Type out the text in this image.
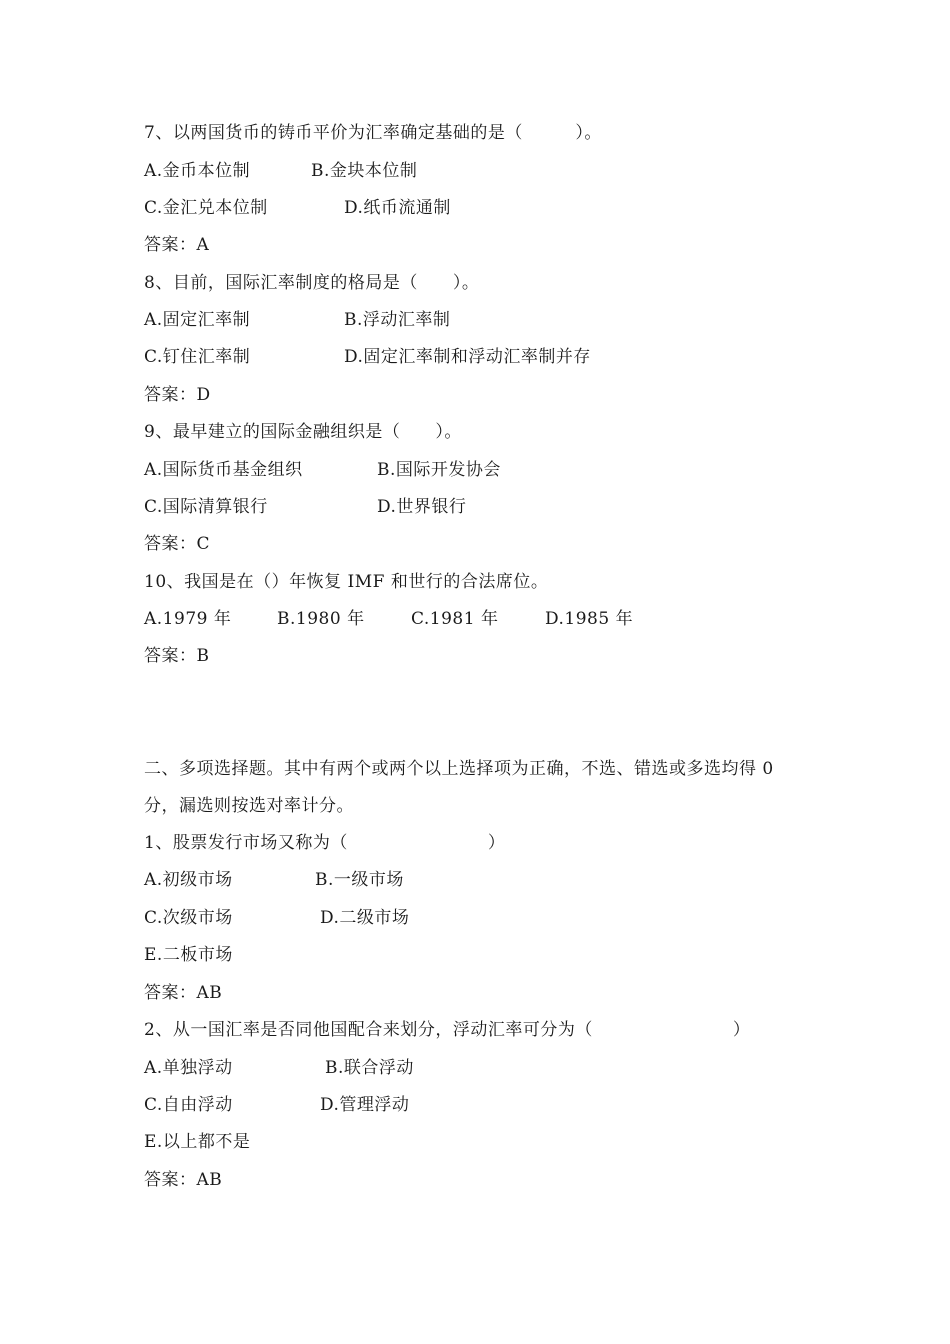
7、以两国货币的铸币平价为汇率确定基础的是（　　　）。
A.金币本位制	B.金块本位制
C.金汇兑本位制	D.纸币流通制
答案：A
8、目前，国际汇率制度的格局是（　　）。
A.固定汇率制	B.浮动汇率制
C.钉住汇率制	D.固定汇率制和浮动汇率制并存
答案：D
9、最早建立的国际金融组织是（　　）。
A.国际货币基金组织	B.国际开发协会
C.国际清算银行	D.世界银行
答案：C
10、我国是在（）年恢复 IMF 和世行的合法席位。
A.1979 年	B.1980 年	C.1981 年	D.1985 年
答案：B
二、多项选择题。其中有两个或两个以上选择项为正确，不选、错选或多选均得 0
分，漏选则按选对率计分。
1、股票发行市场又称为（　　　　　　　　）
A.初级市场	B.一级市场
C.次级市场	D.二级市场
E.二板市场
答案：AB
2、从一国汇率是否同他国配合来划分，浮动汇率可分为（　　　　　　　　）
A.单独浮动	B.联合浮动
C.自由浮动	D.管理浮动
E.以上都不是
答案：AB
